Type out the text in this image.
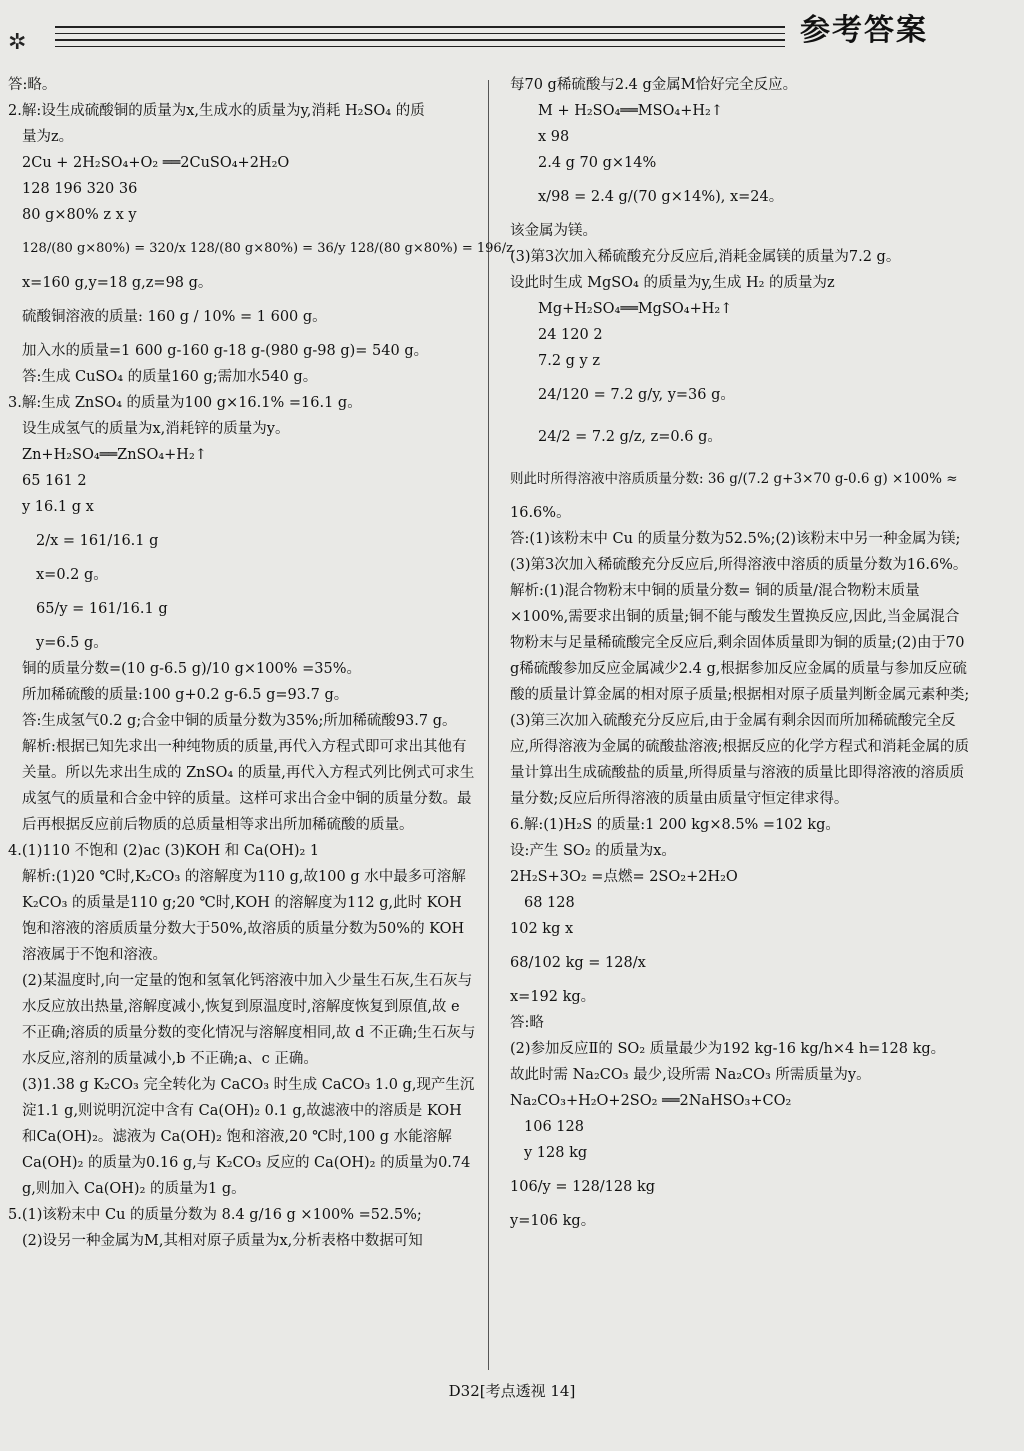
✲	参考答案
答:略。
2.解:设生成硫酸铜的质量为x,生成水的质量为y,消耗 H₂SO₄ 的质
量为z。
2Cu + 2H₂SO₄+O₂ ══2CuSO₄+2H₂O
128 196 320 36
80 g×80% z x y
128/(80 g×80%) = 320/x 128/(80 g×80%) = 36/y 128/(80 g×80%) = 196/z
x=160 g,y=18 g,z=98 g。
硫酸铜溶液的质量: 160 g / 10% = 1 600 g。
加入水的质量=1 600 g-160 g-18 g-(980 g-98 g)= 540 g。
答:生成 CuSO₄ 的质量160 g;需加水540 g。
3.解:生成 ZnSO₄ 的质量为100 g×16.1% =16.1 g。
设生成氢气的质量为x,消耗锌的质量为y。
Zn+H₂SO₄══ZnSO₄+H₂↑
65 161 2
y 16.1 g x
2/x = 161/16.1 g
x=0.2 g。
65/y = 161/16.1 g
y=6.5 g。
铜的质量分数=(10 g-6.5 g)/10 g×100% =35%。
所加稀硫酸的质量:100 g+0.2 g-6.5 g=93.7 g。
答:生成氢气0.2 g;合金中铜的质量分数为35%;所加稀硫酸93.7 g。
解析:根据已知先求出一种纯物质的质量,再代入方程式即可求出其他有关量。所以先求出生成的 ZnSO₄ 的质量,再代入方程式列比例式可求生成氢气的质量和合金中锌的质量。这样可求出合金中铜的质量分数。最后再根据反应前后物质的总质量相等求出所加稀硫酸的质量。
4.(1)110 不饱和 (2)ac (3)KOH 和 Ca(OH)₂ 1
解析:(1)20 ℃时,K₂CO₃ 的溶解度为110 g,故100 g 水中最多可溶解 K₂CO₃ 的质量是110 g;20 ℃时,KOH 的溶解度为112 g,此时 KOH 饱和溶液的溶质质量分数大于50%,故溶质的质量分数为50%的 KOH 溶液属于不饱和溶液。
(2)某温度时,向一定量的饱和氢氧化钙溶液中加入少量生石灰,生石灰与水反应放出热量,溶解度减小,恢复到原温度时,溶解度恢复到原值,故 e 不正确;溶质的质量分数的变化情况与溶解度相同,故 d 不正确;生石灰与水反应,溶剂的质量减小,b 不正确;a、c 正确。
(3)1.38 g K₂CO₃ 完全转化为 CaCO₃ 时生成 CaCO₃ 1.0 g,现产生沉淀1.1 g,则说明沉淀中含有 Ca(OH)₂ 0.1 g,故滤液中的溶质是 KOH 和Ca(OH)₂。滤液为 Ca(OH)₂ 饱和溶液,20 ℃时,100 g 水能溶解 Ca(OH)₂ 的质量为0.16 g,与 K₂CO₃ 反应的 Ca(OH)₂ 的质量为0.74 g,则加入 Ca(OH)₂ 的质量为1 g。
5.(1)该粉末中 Cu 的质量分数为 8.4 g/16 g ×100% =52.5%;
(2)设另一种金属为M,其相对原子质量为x,分析表格中数据可知
每70 g稀硫酸与2.4 g金属M恰好完全反应。
M + H₂SO₄══MSO₄+H₂↑
x 98
2.4 g 70 g×14%
x/98 = 2.4 g/(70 g×14%), x=24。
该金属为镁。
(3)第3次加入稀硫酸充分反应后,消耗金属镁的质量为7.2 g。
设此时生成 MgSO₄ 的质量为y,生成 H₂ 的质量为z
Mg+H₂SO₄══MgSO₄+H₂↑
24 120 2
7.2 g y z
24/120 = 7.2 g/y, y=36 g。
24/2 = 7.2 g/z, z=0.6 g。
则此时所得溶液中溶质质量分数: 36 g/(7.2 g+3×70 g-0.6 g) ×100% ≈
16.6%。
答:(1)该粉末中 Cu 的质量分数为52.5%;(2)该粉末中另一种金属为镁;(3)第3次加入稀硫酸充分反应后,所得溶液中溶质的质量分数为16.6%。
解析:(1)混合物粉末中铜的质量分数= 铜的质量/混合物粉末质量 ×100%,需要求出铜的质量;铜不能与酸发生置换反应,因此,当金属混合物粉末与足量稀硫酸完全反应后,剩余固体质量即为铜的质量;(2)由于70 g稀硫酸参加反应金属减少2.4 g,根据参加反应金属的质量与参加反应硫酸的质量计算金属的相对原子质量;根据相对原子质量判断金属元素种类;(3)第三次加入硫酸充分反应后,由于金属有剩余因而所加稀硫酸完全反应,所得溶液为金属的硫酸盐溶液;根据反应的化学方程式和消耗金属的质量计算出生成硫酸盐的质量,所得质量与溶液的质量比即得溶液的溶质质量分数;反应后所得溶液的质量由质量守恒定律求得。
6.解:(1)H₂S 的质量:1 200 kg×8.5% =102 kg。
设:产生 SO₂ 的质量为x。
2H₂S+3O₂ =点燃= 2SO₂+2H₂O
68 128
102 kg x
68/102 kg = 128/x
x=192 kg。
答:略
(2)参加反应Ⅱ的 SO₂ 质量最少为192 kg-16 kg/h×4 h=128 kg。
故此时需 Na₂CO₃ 最少,设所需 Na₂CO₃ 所需质量为y。
Na₂CO₃+H₂O+2SO₂ ══2NaHSO₃+CO₂
106 128
y 128 kg
106/y = 128/128 kg
y=106 kg。
D32[考点透视 14]
